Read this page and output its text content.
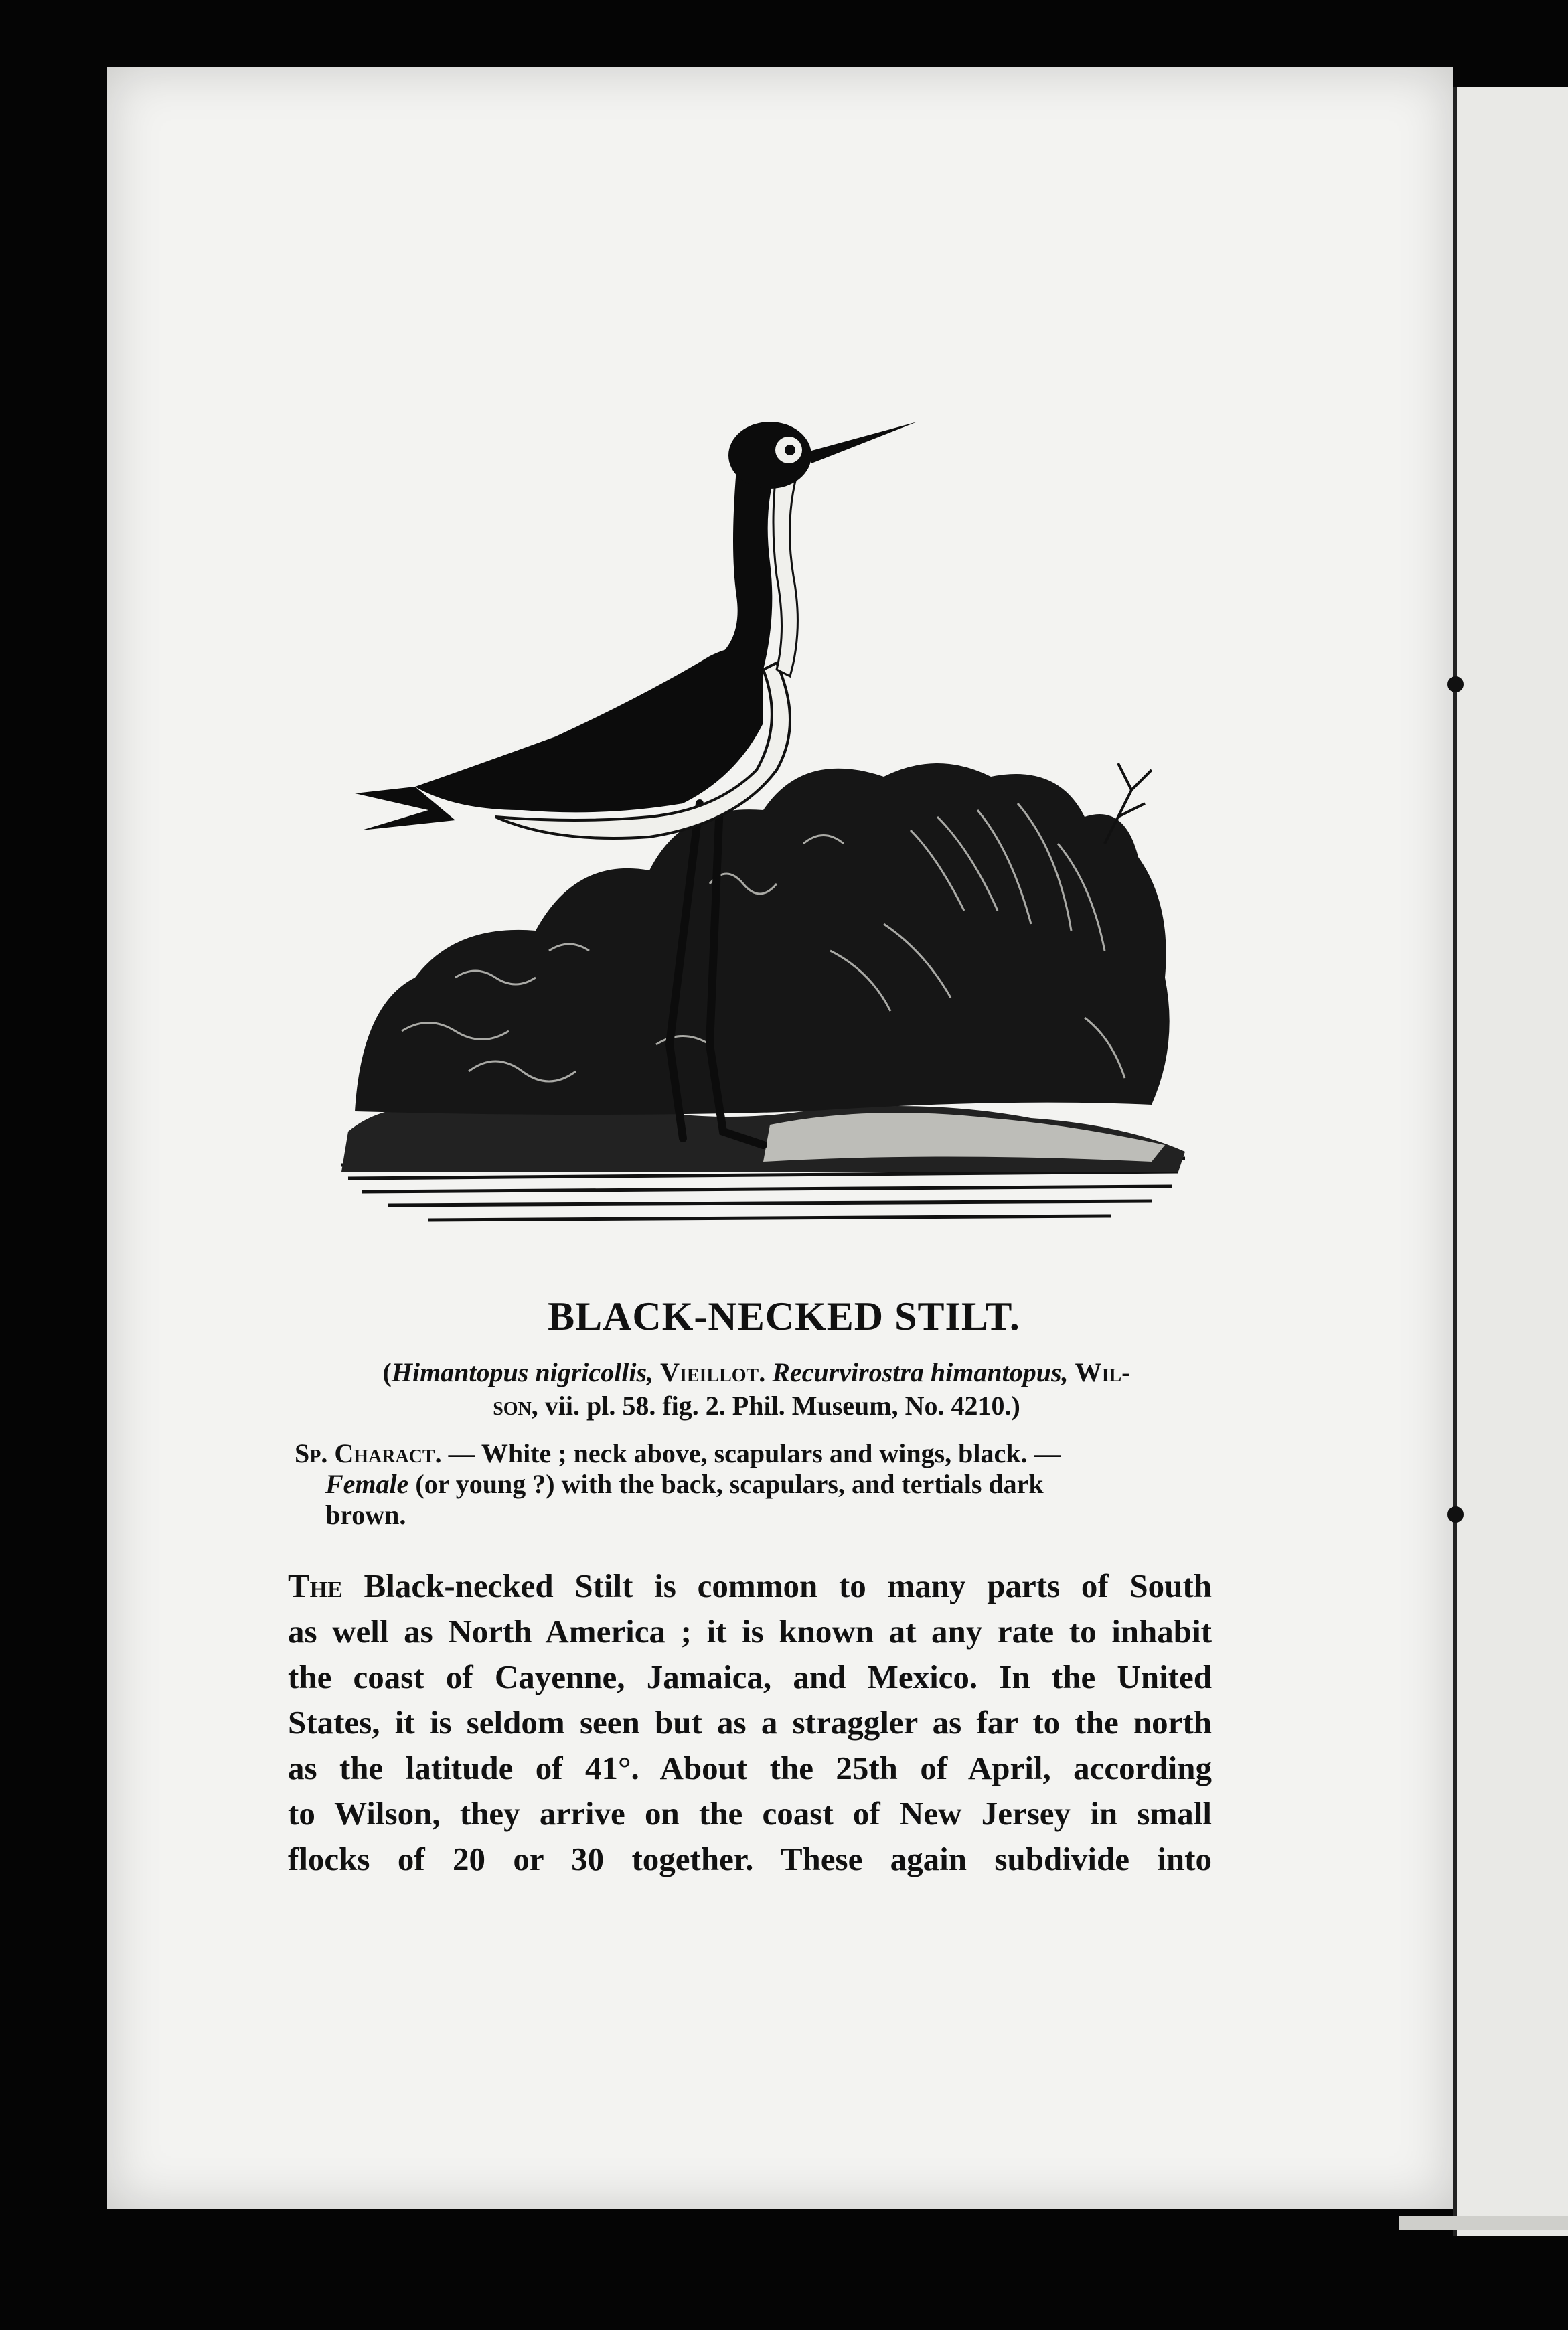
BLACK-NECKED STILT.
(Himantopus nigricollis, Vieillot. Recurvirostra himantopus, Wil-
son, vii. pl. 58. fig. 2. Phil. Museum, No. 4210.)
Sp. Charact. — White ; neck above, scapulars and wings, black. —
Female (or young ?) with the back, scapulars, and tertials dark
brown.
The Black-necked Stilt is common to many parts of South
as well as North America ; it is known at any rate to inhabit
the coast of Cayenne, Jamaica, and Mexico. In the United
States, it is seldom seen but as a straggler as far to the north
as the latitude of 41°. About the 25th of April, according
to Wilson, they arrive on the coast of New Jersey in small
flocks of 20 or 30 together. These again subdivide into
